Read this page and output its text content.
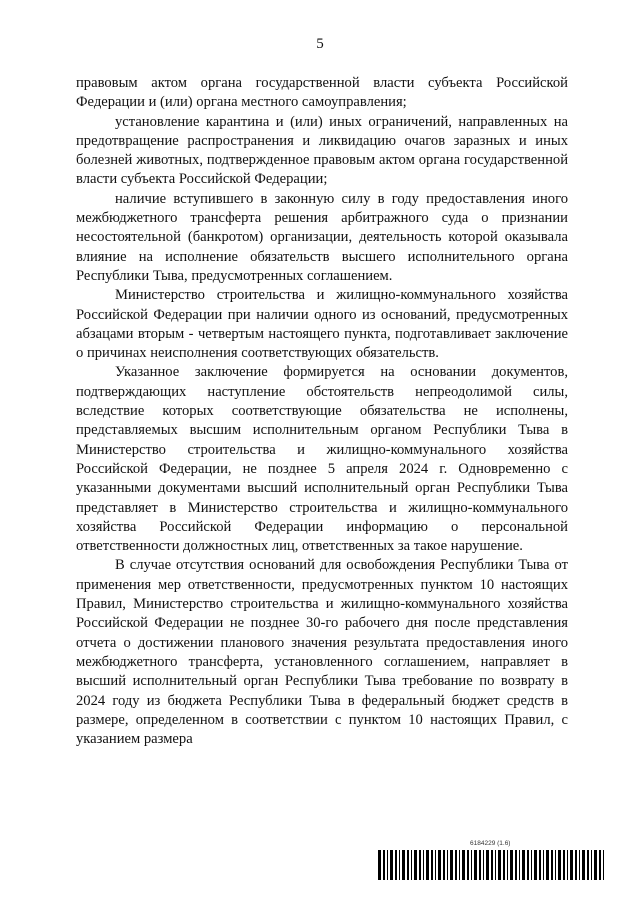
5

правовым актом органа государственной власти субъекта Российской Федерации и (или) органа местного самоуправления;

установление карантина и (или) иных ограничений, направленных на предотвращение распространения и ликвидацию очагов заразных и иных болезней животных, подтвержденное правовым актом органа государственной власти субъекта Российской Федерации;

наличие вступившего в законную силу в году предоставления иного межбюджетного трансферта решения арбитражного суда о признании несостоятельной (банкротом) организации, деятельность которой оказывала влияние на исполнение обязательств высшего исполнительного органа Республики Тыва, предусмотренных соглашением.

Министерство строительства и жилищно-коммунального хозяйства Российской Федерации при наличии одного из оснований, предусмотренных абзацами вторым - четвертым настоящего пункта, подготавливает заключение о причинах неисполнения соответствующих обязательств.

Указанное заключение формируется на основании документов, подтверждающих наступление обстоятельств непреодолимой силы, вследствие которых соответствующие обязательства не исполнены, представляемых высшим исполнительным органом Республики Тыва в Министерство строительства и жилищно-коммунального хозяйства Российской Федерации, не позднее 5 апреля 2024 г. Одновременно с указанными документами высший исполнительный орган Республики Тыва представляет в Министерство строительства и жилищно-коммунального хозяйства Российской Федерации информацию о персональной ответственности должностных лиц, ответственных за такое нарушение.

В случае отсутствия оснований для освобождения Республики Тыва от применения мер ответственности, предусмотренных пунктом 10 настоящих Правил, Министерство строительства и жилищно-коммунального хозяйства Российской Федерации не позднее 30-го рабочего дня после представления отчета о достижении планового значения результата предоставления иного межбюджетного трансферта, установленного соглашением, направляет в высший исполнительный орган Республики Тыва требование по возврату в 2024 году из бюджета Республики Тыва в федеральный бюджет средств в размере, определенном в соответствии с пунктом 10 настоящих Правил, с указанием размера

6184229 (1.6)
